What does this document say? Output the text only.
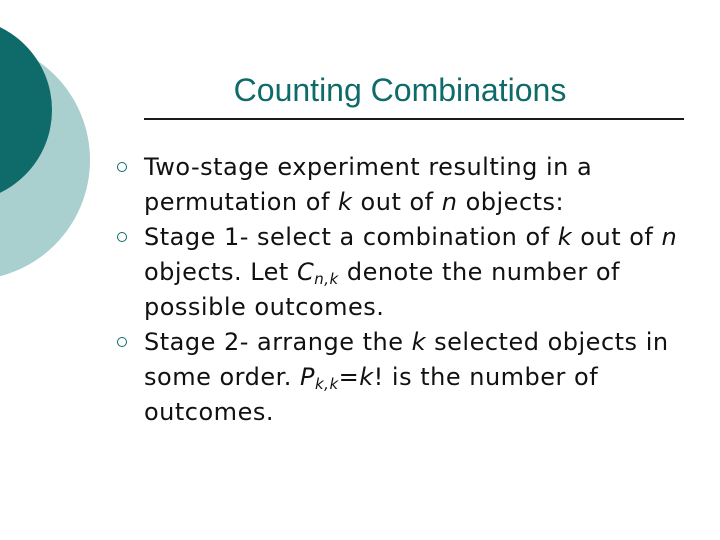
Counting Combinations
Two-stage experiment resulting in a permutation of k out of n objects:
Stage 1- select a combination of k out of n objects. Let $C_{n,k}$ denote the number of possible outcomes.
Stage 2- arrange the k selected objects in some order. $P_{k,k}=k$! is the number of outcomes.
